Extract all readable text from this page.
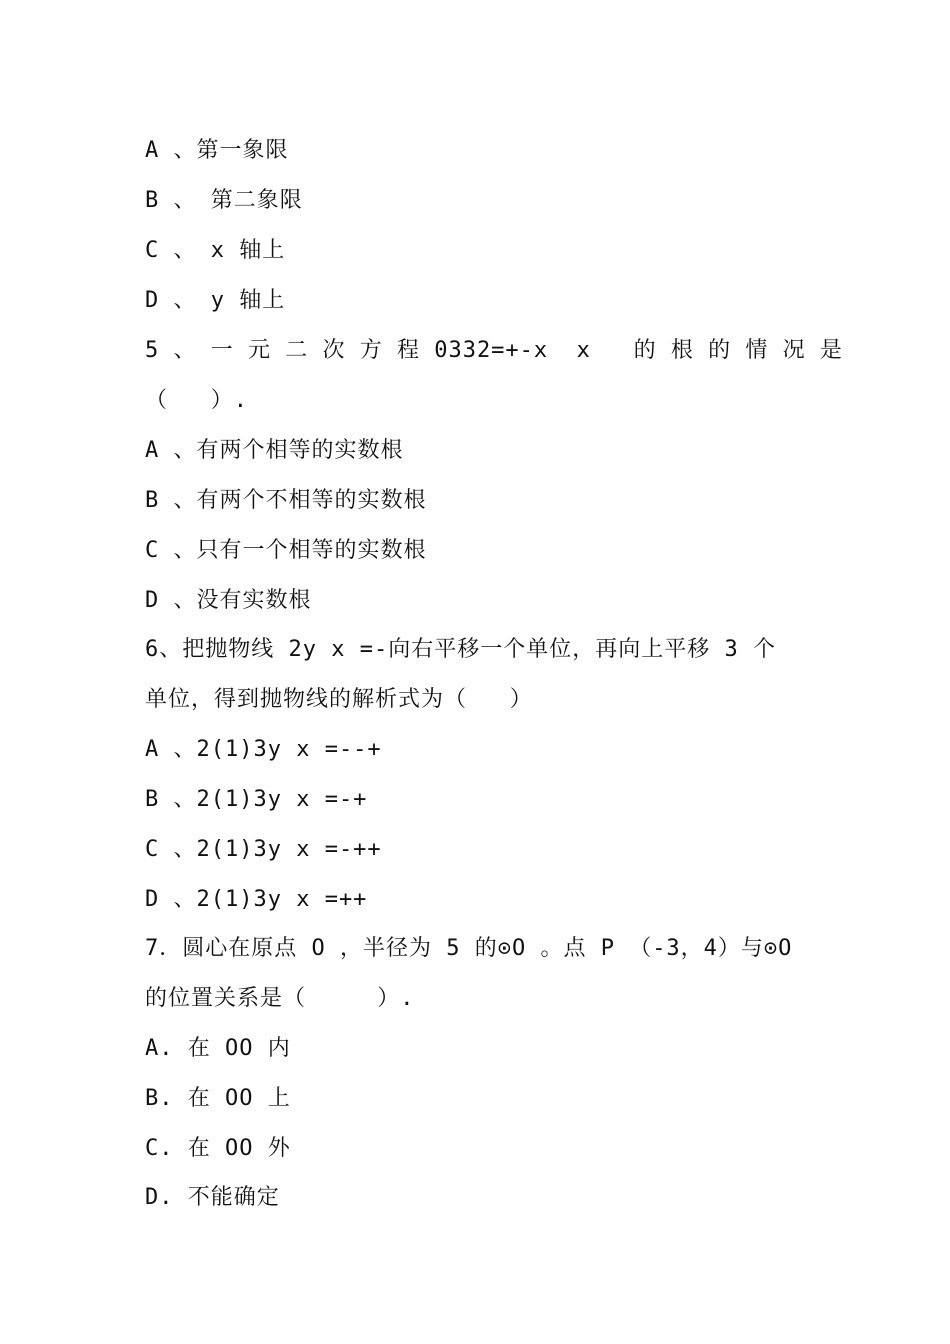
A 、第一象限
B 、 第二象限
C 、 x 轴上
D 、 y 轴上
5 、 一 元 二 次 方 程 0332=+-x  x   的 根 的 情 况 是
（   ）.
A 、有两个相等的实数根
B 、有两个不相等的实数根
C 、只有一个相等的实数根
D 、没有实数根
6、把抛物线 2y x =-向右平移一个单位，再向上平移 3 个
单位，得到抛物线的解析式为（   ）
A 、2(1)3y x =--+
B 、2(1)3y x =-+
C 、2(1)3y x =-++
D 、2(1)3y x =++
7．圆心在原点 O ，半径为 5 的⊙O 。点 P （-3，4）与⊙O
的位置关系是（     ）.
A. 在 OO 内
B. 在 OO 上
C. 在 OO 外
D. 不能确定
